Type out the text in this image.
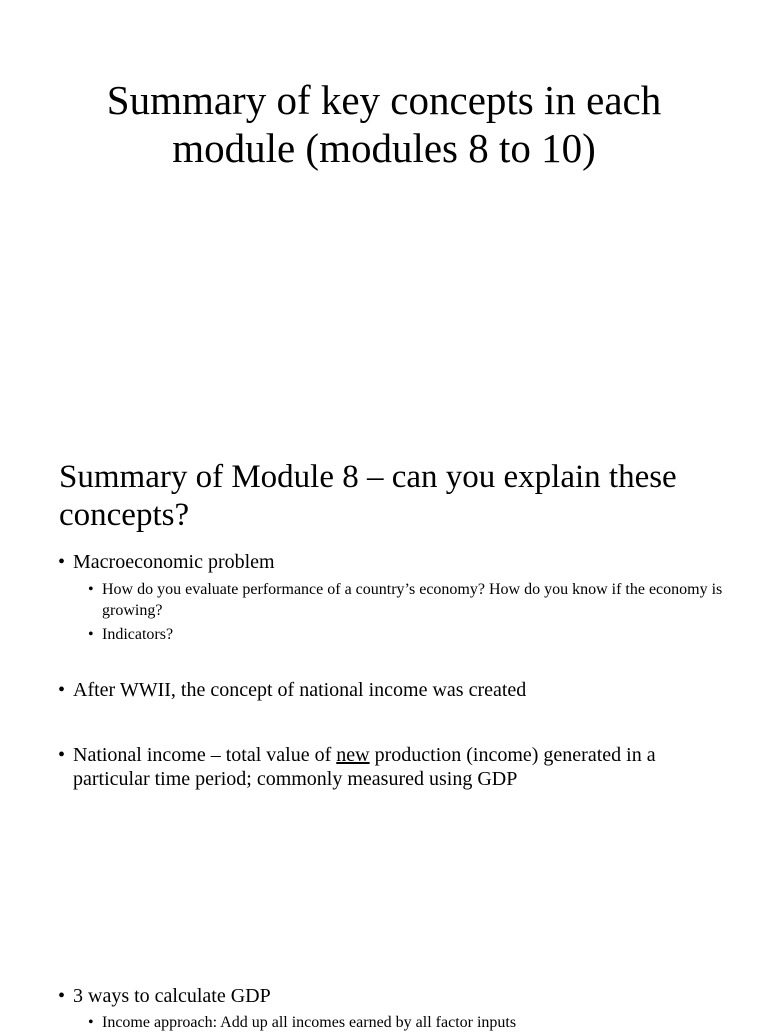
Summary of key concepts in each module (modules 8 to 10)
Summary of Module 8 – can you explain these concepts?
• Macroeconomic problem
• How do you evaluate performance of a country’s economy? How do you know if the economy is growing?
• Indicators?
• After WWII, the concept of national income was created
• National income – total value of new production (income) generated in a particular time period; commonly measured using GDP
• 3 ways to calculate GDP
• Income approach: Add up all incomes earned by all factor inputs
